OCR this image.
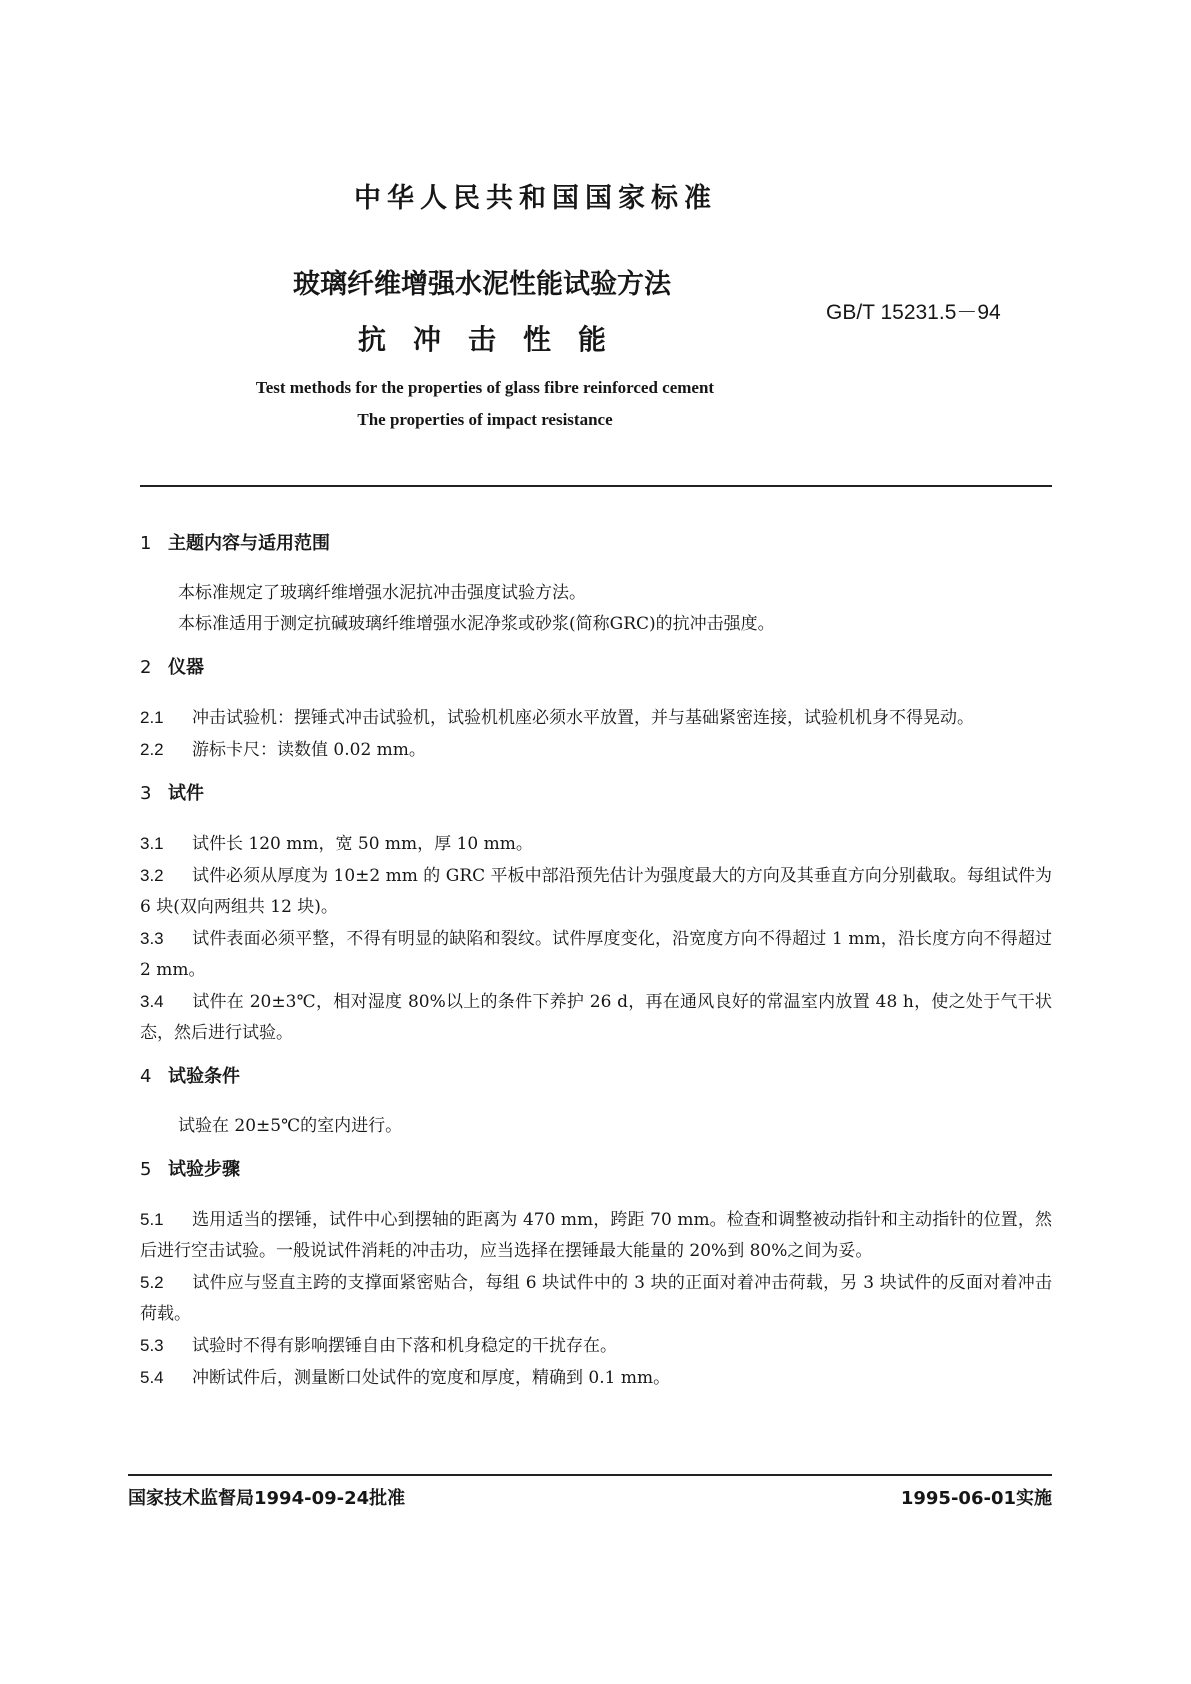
中华人民共和国国家标准
玻璃纤维增强水泥性能试验方法
抗冲击性能
GB/T 15231.5－94
Test methods for the properties of glass fibre reinforced cement
The properties of impact resistance
1 主题内容与适用范围
本标准规定了玻璃纤维增强水泥抗冲击强度试验方法。
本标准适用于测定抗碱玻璃纤维增强水泥净浆或砂浆(简称GRC)的抗冲击强度。
2 仪器
2.1 冲击试验机：摆锤式冲击试验机，试验机机座必须水平放置，并与基础紧密连接，试验机机身不得晃动。
2.2 游标卡尺：读数值 0.02 mm。
3 试件
3.1 试件长 120 mm，宽 50 mm，厚 10 mm。
3.2 试件必须从厚度为 10±2 mm 的 GRC 平板中部沿预先估计为强度最大的方向及其垂直方向分别截取。每组试件为 6 块(双向两组共 12 块)。
3.3 试件表面必须平整，不得有明显的缺陷和裂纹。试件厚度变化，沿宽度方向不得超过 1 mm，沿长度方向不得超过 2 mm。
3.4 试件在 20±3℃，相对湿度 80%以上的条件下养护 26 d，再在通风良好的常温室内放置 48 h，使之处于气干状态，然后进行试验。
4 试验条件
试验在 20±5℃的室内进行。
5 试验步骤
5.1 选用适当的摆锤，试件中心到摆轴的距离为 470 mm，跨距 70 mm。检查和调整被动指针和主动指针的位置，然后进行空击试验。一般说试件消耗的冲击功，应当选择在摆锤最大能量的 20%到 80%之间为妥。
5.2 试件应与竖直主跨的支撑面紧密贴合，每组 6 块试件中的 3 块的正面对着冲击荷载，另 3 块试件的反面对着冲击荷载。
5.3 试验时不得有影响摆锤自由下落和机身稳定的干扰存在。
5.4 冲断试件后，测量断口处试件的宽度和厚度，精确到 0.1 mm。
国家技术监督局1994-09-24批准	1995-06-01实施
